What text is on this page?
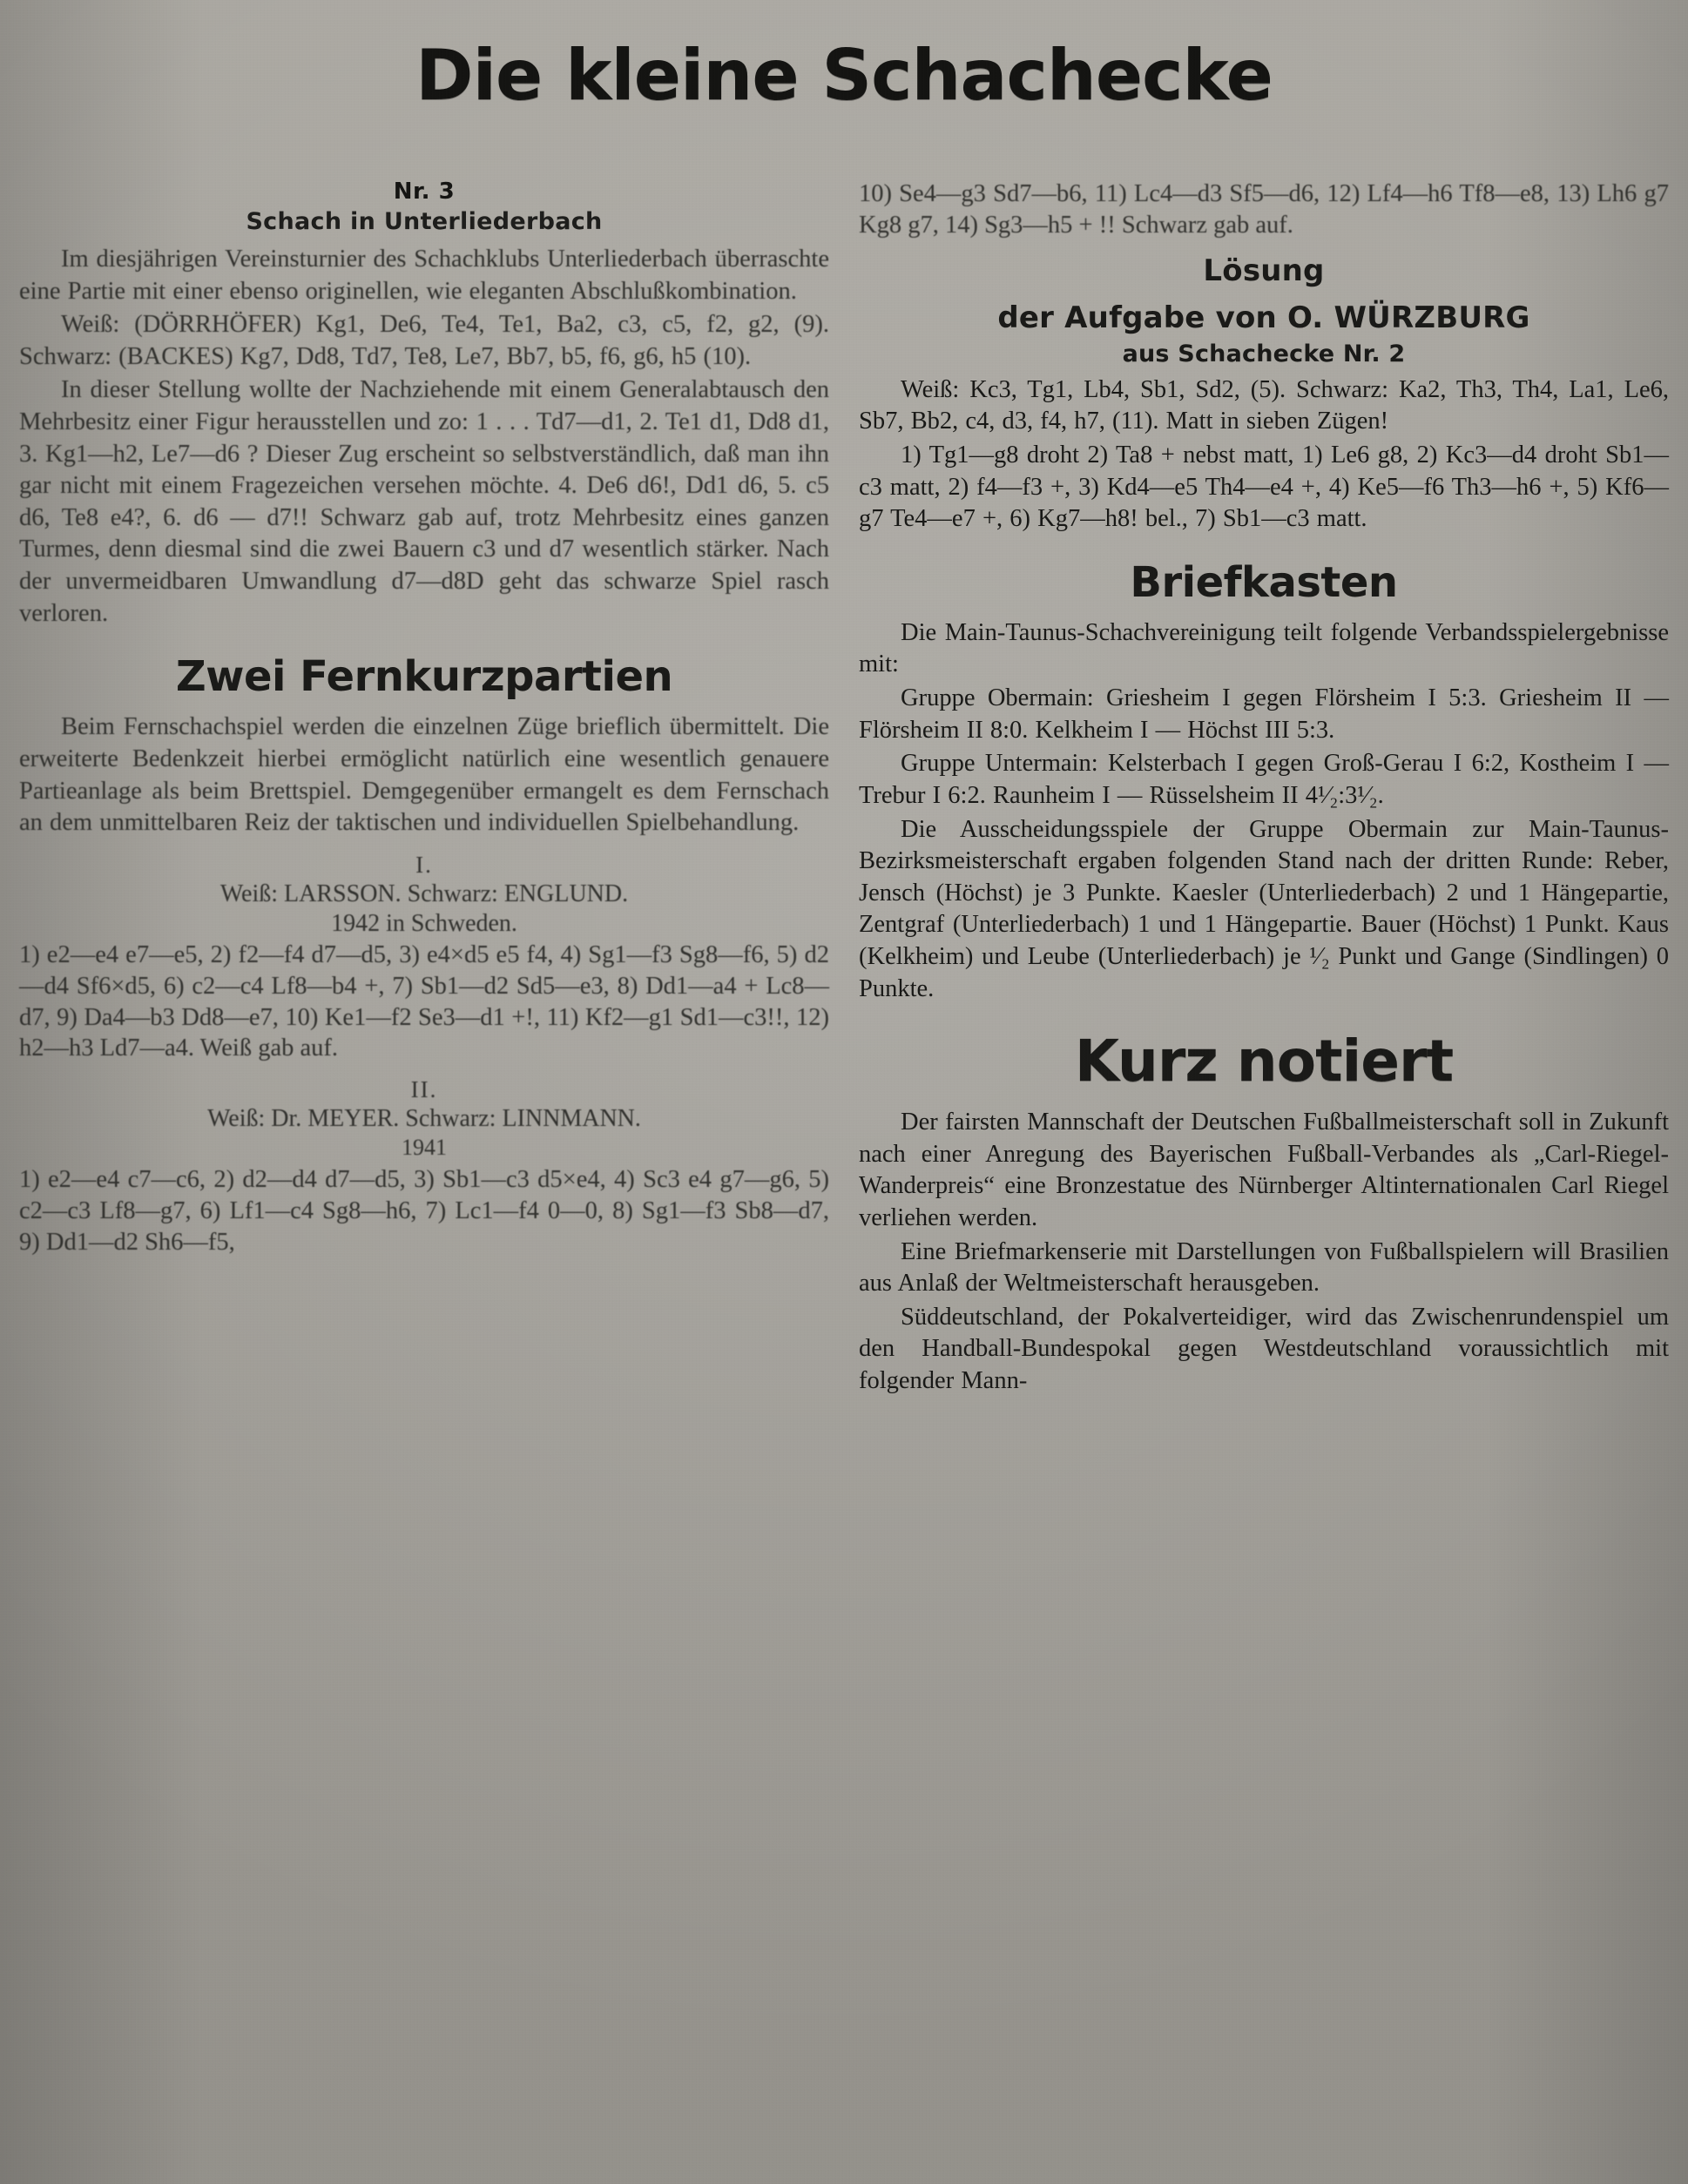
Die kleine Schachecke
Nr. 3
Schach in Unterliederbach

Im diesjährigen Vereinsturnier des Schachklubs Unterliederbach überraschte eine Partie mit einer ebenso originellen, wie eleganten Abschlußkombination.

Weiß: (DÖRRHÖFER) Kg1, De6, Te4, Te1, Ba2, c3, c5, f2, g2, (9). Schwarz: (BACKES) Kg7, Dd8, Td7, Te8, Le7, Bb7, b5, f6, g6, h5 (10).

In dieser Stellung wollte der Nachziehende mit einem Generalabtausch den Mehrbesitz einer Figur herausstellen und zo: 1 . . . Td7—d1, 2. Te1 d1, Dd8 d1, 3. Kg1—h2, Le7—d6 ? Dieser Zug erscheint so selbstverständlich, daß man ihn gar nicht mit einem Fragezeichen versehen möchte. 4. De6 d6!, Dd1 d6, 5. c5 d6, Te8 e4?, 6. d6 — d7!! Schwarz gab auf, trotz Mehrbesitz eines ganzen Turmes, denn diesmal sind die zwei Bauern c3 und d7 wesentlich stärker. Nach der unvermeidbaren Umwandlung d7—d8D geht das schwarze Spiel rasch verloren.

Zwei Fernkurzpartien

Beim Fernschachspiel werden die einzelnen Züge brieflich übermittelt. Die erweiterte Bedenkzeit hierbei ermöglicht natürlich eine wesentlich genauere Partieanlage als beim Brettspiel. Demgegenüber ermangelt es dem Fernschach an dem unmittelbaren Reiz der taktischen und individuellen Spielbehandlung.

I.

Weiß: LARSSON. Schwarz: ENGLUND.

1942 in Schweden.

1) e2—e4 e7—e5, 2) f2—f4 d7—d5, 3) e4×d5 e5 f4, 4) Sg1—f3 Sg8—f6, 5) d2—d4 Sf6×d5, 6) c2—c4 Lf8—b4 +, 7) Sb1—d2 Sd5—e3, 8) Dd1—a4 + Lc8—d7, 9) Da4—b3 Dd8—e7, 10) Ke1—f2 Se3—d1 +!, 11) Kf2—g1 Sd1—c3!!, 12) h2—h3 Ld7—a4. Weiß gab auf.

II.

Weiß: Dr. MEYER. Schwarz: LINNMANN.

1941

1) e2—e4 c7—c6, 2) d2—d4 d7—d5, 3) Sb1—c3 d5×e4, 4) Sc3 e4 g7—g6, 5) c2—c3 Lf8—g7, 6) Lf1—c4 Sg8—h6, 7) Lc1—f4 0—0, 8) Sg1—f3 Sb8—d7, 9) Dd1—d2 Sh6—f5,

10) Se4—g3 Sd7—b6, 11) Lc4—d3 Sf5—d6, 12) Lf4—h6 Tf8—e8, 13) Lh6 g7 Kg8 g7, 14) Sg3—h5 + !! Schwarz gab auf.

Lösung
der Aufgabe von O. WÜRZBURG
aus Schachecke Nr. 2

Weiß: Kc3, Tg1, Lb4, Sb1, Sd2, (5). Schwarz: Ka2, Th3, Th4, La1, Le6, Sb7, Bb2, c4, d3, f4, h7, (11). Matt in sieben Zügen!

1) Tg1—g8 droht 2) Ta8 + nebst matt, 1) Le6 g8, 2) Kc3—d4 droht Sb1—c3 matt, 2) f4—f3 +, 3) Kd4—e5 Th4—e4 +, 4) Ke5—f6 Th3—h6 +, 5) Kf6—g7 Te4—e7 +, 6) Kg7—h8! bel., 7) Sb1—c3 matt.

Briefkasten

Die Main-Taunus-Schachvereinigung teilt folgende Verbandsspielergebnisse mit:

Gruppe Obermain: Griesheim I gegen Flörsheim I 5:3. Griesheim II — Flörsheim II 8:0. Kelkheim I — Höchst III 5:3.

Gruppe Untermain: Kelsterbach I gegen Groß-Gerau I 6:2, Kostheim I — Trebur I 6:2. Raunheim I — Rüsselsheim II 4¹⁄₂:3¹⁄₂.

Die Ausscheidungsspiele der Gruppe Obermain zur Main-Taunus-Bezirksmeisterschaft ergaben folgenden Stand nach der dritten Runde: Reber, Jensch (Höchst) je 3 Punkte. Kaesler (Unterliederbach) 2 und 1 Hängepartie, Zentgraf (Unterliederbach) 1 und 1 Hängepartie. Bauer (Höchst) 1 Punkt. Kaus (Kelkheim) und Leube (Unterliederbach) je ¹⁄₂ Punkt und Gange (Sindlingen) 0 Punkte.

Kurz notiert

Der fairsten Mannschaft der Deutschen Fußballmeisterschaft soll in Zukunft nach einer Anregung des Bayerischen Fußball-Verbandes als „Carl-Riegel-Wanderpreis“ eine Bronzestatue des Nürnberger Altinternationalen Carl Riegel verliehen werden.

Eine Briefmarkenserie mit Darstellungen von Fußballspielern will Brasilien aus Anlaß der Weltmeisterschaft herausgeben.

Süddeutschland, der Pokalverteidiger, wird das Zwischenrundenspiel um den Handball-Bundespokal gegen Westdeutschland voraussichtlich mit folgender Mann-
